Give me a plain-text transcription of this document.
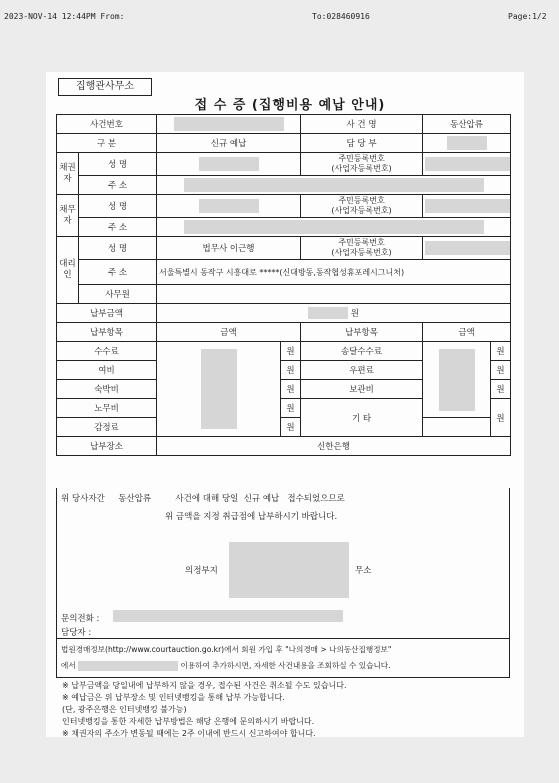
2023-NOV-14 12:44PM From:	To:028460916	Page:1/2
집행관사무소
접 수 증 (집행비용 예납 안내)
사건번호				사 건 명	동산압류	
구 분		신규 예납		담 당 부		

채권자	성 명			주민등록번호
(사업자등록번호)		

	주 소					

채무자	성 명			주민등록번호
(사업자등록번호)		

	주 소					

대리인	성 명	법무사 이근행		주민등록번호
(사업자등록번호)		

	주 소	서울특별시 동작구 시흥대로 *****(신대방동,동작협성휴포레시그니처)				
	사무원					
납부금액		원				
납부항목		금액		납부항목	금액	
수수료			원	송달수수료		원
여비			원	우편료		원
숙박비			원	보관비		원
노무비			원	기 타		원
감정료			원			
납부장소		신한은행				
위 당사자간     동산압류         사건에 대해 당일  신규 예납   접수되었으므로
위 금액을 지정 취급점에 납부하시기 바랍니다.
의정부지	무소
문의전화 :
담당자 :
법원경매정보(http://www.courtauction.go.kr)에서 회원 가입 후 "나의경매 > 나의동산집행정보"
에서	이용하여 추가하시면, 자세한 사건내용을 조회하실 수 있습니다.
※ 납부금액을 당일내에 납부하지 않을 경우, 접수된 사건은 취소될 수도 있습니다.
※ 예납금은 위 납부장소 및 인터넷뱅킹을 통해 납부 가능합니다.
(단, 광주은행은 인터넷뱅킹 불가능)
인터넷뱅킹을 통한 자세한 납부방법은 해당 은행에 문의하시기 바랍니다.
※ 채권자의 주소가 변동될 때에는 2주 이내에 반드시 신고하여야 합니다.
